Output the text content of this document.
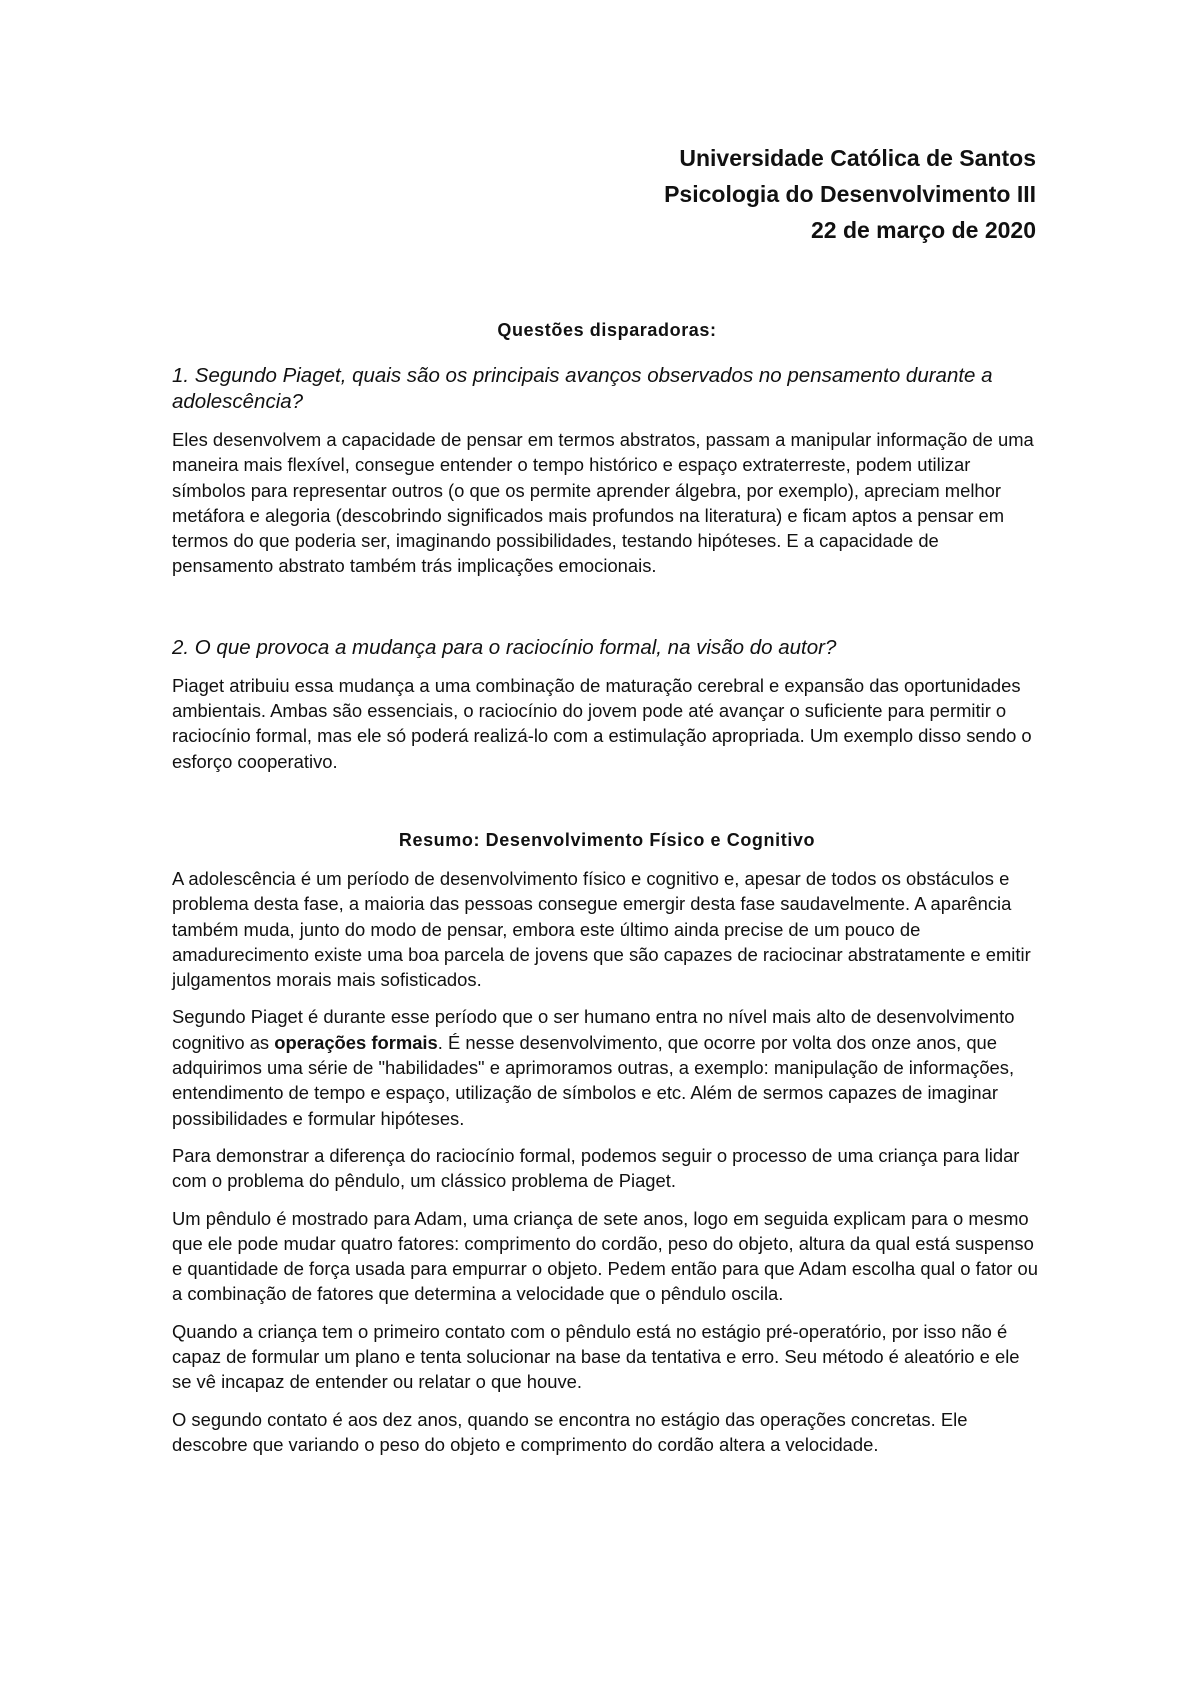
Universidade Católica de Santos
Psicologia do Desenvolvimento III
22 de março de 2020

Questões disparadoras:

1. Segundo Piaget, quais são os principais avanços observados no pensamento durante a adolescência?

Eles desenvolvem a capacidade de pensar em termos abstratos, passam a manipular informação de uma maneira mais flexível, consegue entender o tempo histórico e espaço extraterreste, podem utilizar símbolos para representar outros (o que os permite aprender álgebra, por exemplo), apreciam melhor metáfora e alegoria (descobrindo significados mais profundos na literatura) e ficam aptos a pensar em termos do que poderia ser, imaginando possibilidades, testando hipóteses. E a capacidade de pensamento abstrato também trás implicações emocionais.

2. O que provoca a mudança para o raciocínio formal, na visão do autor?

Piaget atribuiu essa mudança a uma combinação de maturação cerebral e expansão das oportunidades ambientais. Ambas são essenciais, o raciocínio do jovem pode até avançar o suficiente para permitir o raciocínio formal, mas ele só poderá realizá-lo com a estimulação apropriada. Um exemplo disso sendo o esforço cooperativo.

Resumo: Desenvolvimento Físico e Cognitivo

A adolescência é um período de desenvolvimento físico e cognitivo e, apesar de todos os obstáculos e problema desta fase, a maioria das pessoas consegue emergir desta fase saudavelmente. A aparência também muda, junto do modo de pensar, embora este último ainda precise de um pouco de amadurecimento existe uma boa parcela de jovens que são capazes de raciocinar abstratamente e emitir julgamentos morais mais sofisticados.

Segundo Piaget é durante esse período que o ser humano entra no nível mais alto de desenvolvimento cognitivo as operações formais. É nesse desenvolvimento, que ocorre por volta dos onze anos, que adquirimos uma série de "habilidades" e aprimoramos outras, a exemplo: manipulação de informações, entendimento de tempo e espaço, utilização de símbolos e etc. Além de sermos capazes de imaginar possibilidades e formular hipóteses.

Para demonstrar a diferença do raciocínio formal, podemos seguir o processo de uma criança para lidar com o problema do pêndulo, um clássico problema de Piaget.

Um pêndulo é mostrado para Adam, uma criança de sete anos, logo em seguida explicam para o mesmo que ele pode mudar quatro fatores: comprimento do cordão, peso do objeto, altura da qual está suspenso e quantidade de força usada para empurrar o objeto. Pedem então para que Adam escolha qual o fator ou a combinação de fatores que determina a velocidade que o pêndulo oscila.

Quando a criança tem o primeiro contato com o pêndulo está no estágio pré-operatório, por isso não é capaz de formular um plano e tenta solucionar na base da tentativa e erro. Seu método é aleatório e ele se vê incapaz de entender ou relatar o que houve.

O segundo contato é aos dez anos, quando se encontra no estágio das operações concretas. Ele descobre que variando o peso do objeto e comprimento do cordão altera a velocidade.
